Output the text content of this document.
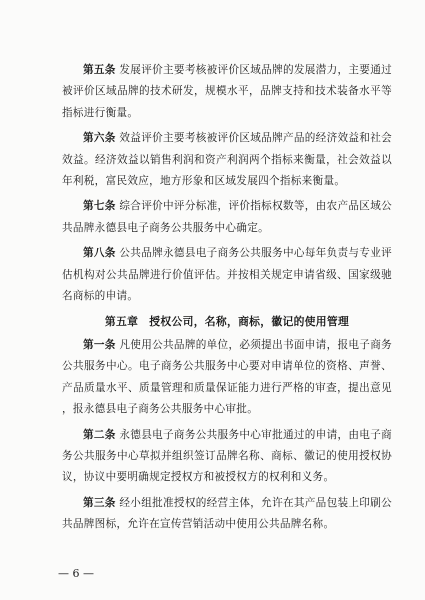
第五条 发展评价主要考核被评价区域品牌的发展潜力，主要通过被评价区域品牌的技术研发，规模水平，品牌支持和技术装备水平等指标进行衡量。

第六条 效益评价主要考核被评价区域品牌产品的经济效益和社会效益。经济效益以销售利润和资产利润两个指标来衡量，社会效益以年利税，富民效应，地方形象和区域发展四个指标来衡量。

第七条 综合评价中评分标准，评价指标权数等，由农产品区域公共品牌永德县电子商务公共服务中心确定。

第八条 公共品牌永德县电子商务公共服务中心每年负责与专业评估机构对公共品牌进行价值评估。并按相关规定申请省级、国家级驰名商标的申请。

第五章　授权公司，名称，商标，徽记的使用管理

第一条 凡使用公共品牌的单位，必须提出书面申请，报电子商务公共服务中心。电子商务公共服务中心要对申请单位的资格、声誉、产品质量水平、质量管理和质量保证能力进行严格的审查，提出意见，报永德县电子商务公共服务中心审批。

第二条 永德县电子商务公共服务中心审批通过的申请，由电子商务公共服务中心草拟并组织签订品牌名称、商标、徽记的使用授权协议，协议中要明确规定授权方和被授权方的权利和义务。

第三条 经小组批准授权的经营主体，允许在其产品包装上印刷公共品牌图标，允许在宣传营销活动中使用公共品牌名称。

— 6 —
